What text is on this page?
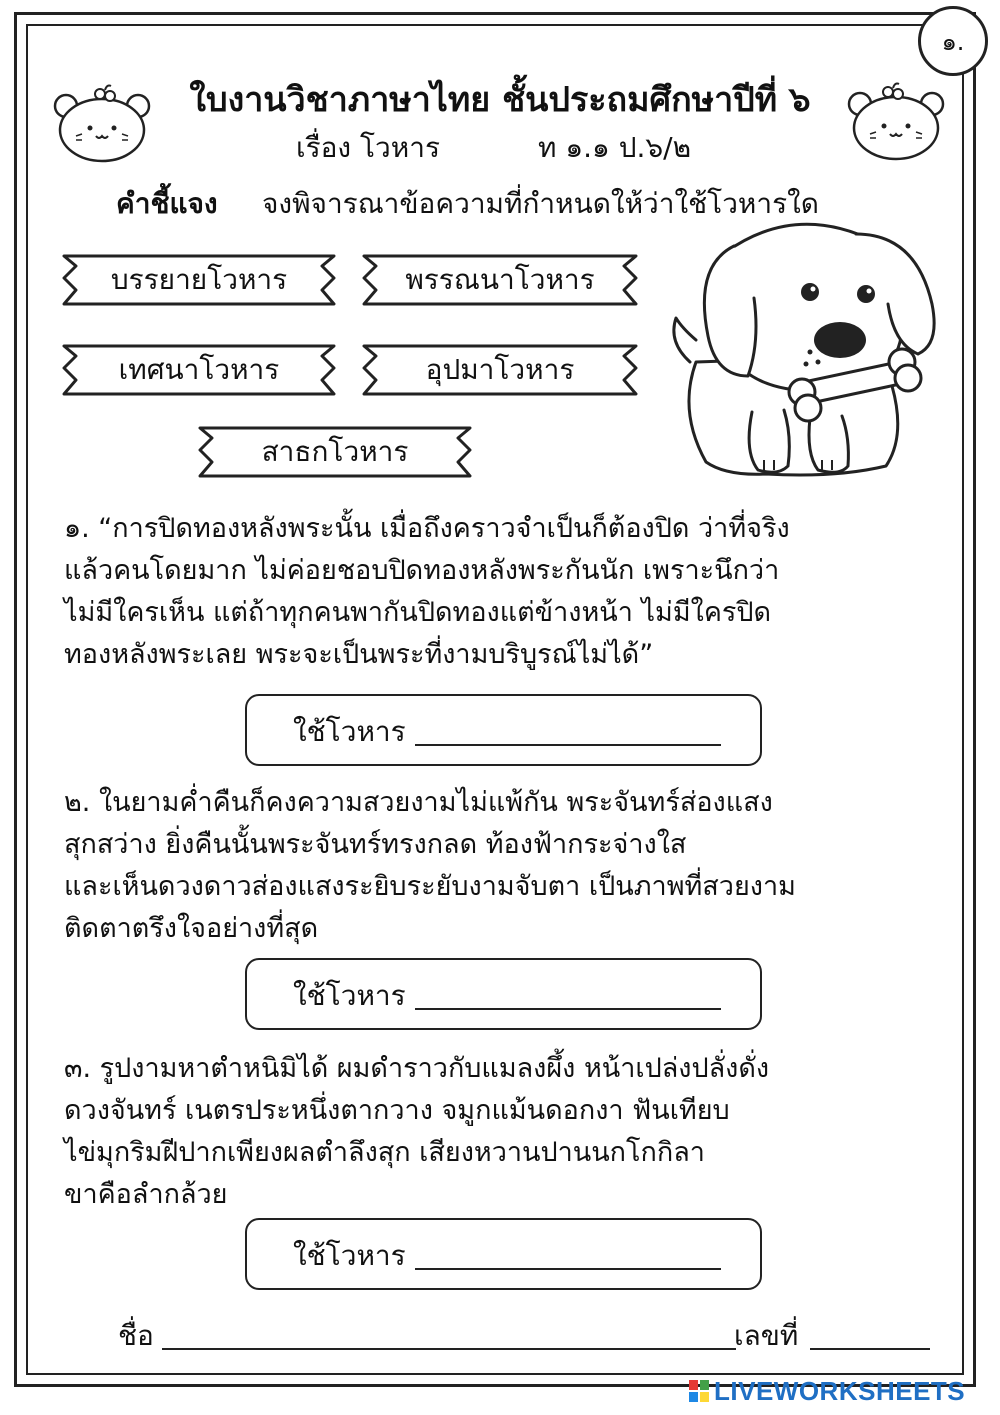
๑.
ใบงานวิชาภาษาไทย ชั้นประถมศึกษาปีที่ ๖
เรื่อง โวหาร	ท ๑.๑ ป.๖/๒
คำชี้แจง จงพิจารณาข้อความที่กำหนดให้ว่าใช้โวหารใด
บรรยายโวหาร	พรรณนาโวหาร
เทศนาโวหาร	อุปมาโวหาร
สาธกโวหาร
๑. “การปิดทองหลังพระนั้น เมื่อถึงคราวจำเป็นก็ต้องปิด ว่าที่จริง
แล้วคนโดยมาก ไม่ค่อยชอบปิดทองหลังพระกันนัก เพราะนึกว่า
ไม่มีใครเห็น แต่ถ้าทุกคนพากันปิดทองแต่ข้างหน้า ไม่มีใครปิด
ทองหลังพระเลย พระจะเป็นพระที่งามบริบูรณ์ไม่ได้”
ใช้โวหาร
๒. ในยามค่ำคืนก็คงความสวยงามไม่แพ้กัน พระจันทร์ส่องแสง
สุกสว่าง ยิ่งคืนนั้นพระจันทร์ทรงกลด ท้องฟ้ากระจ่างใส
และเห็นดวงดาวส่องแสงระยิบระยับงามจับตา เป็นภาพที่สวยงาม
ติดตาตรึงใจอย่างที่สุด
ใช้โวหาร
๓. รูปงามหาตำหนิมิได้ ผมดำราวกับแมลงผึ้ง หน้าเปล่งปลั่งดั่ง
ดวงจันทร์ เนตรประหนึ่งตากวาง จมูกแม้นดอกงา ฟันเทียบ
ไข่มุกริมฝีปากเพียงผลตำลึงสุก เสียงหวานปานนกโกกิลา
ขาคือลำกล้วย
ใช้โวหาร
ชื่อ	เลขที่
LIVEWORKSHEETS
